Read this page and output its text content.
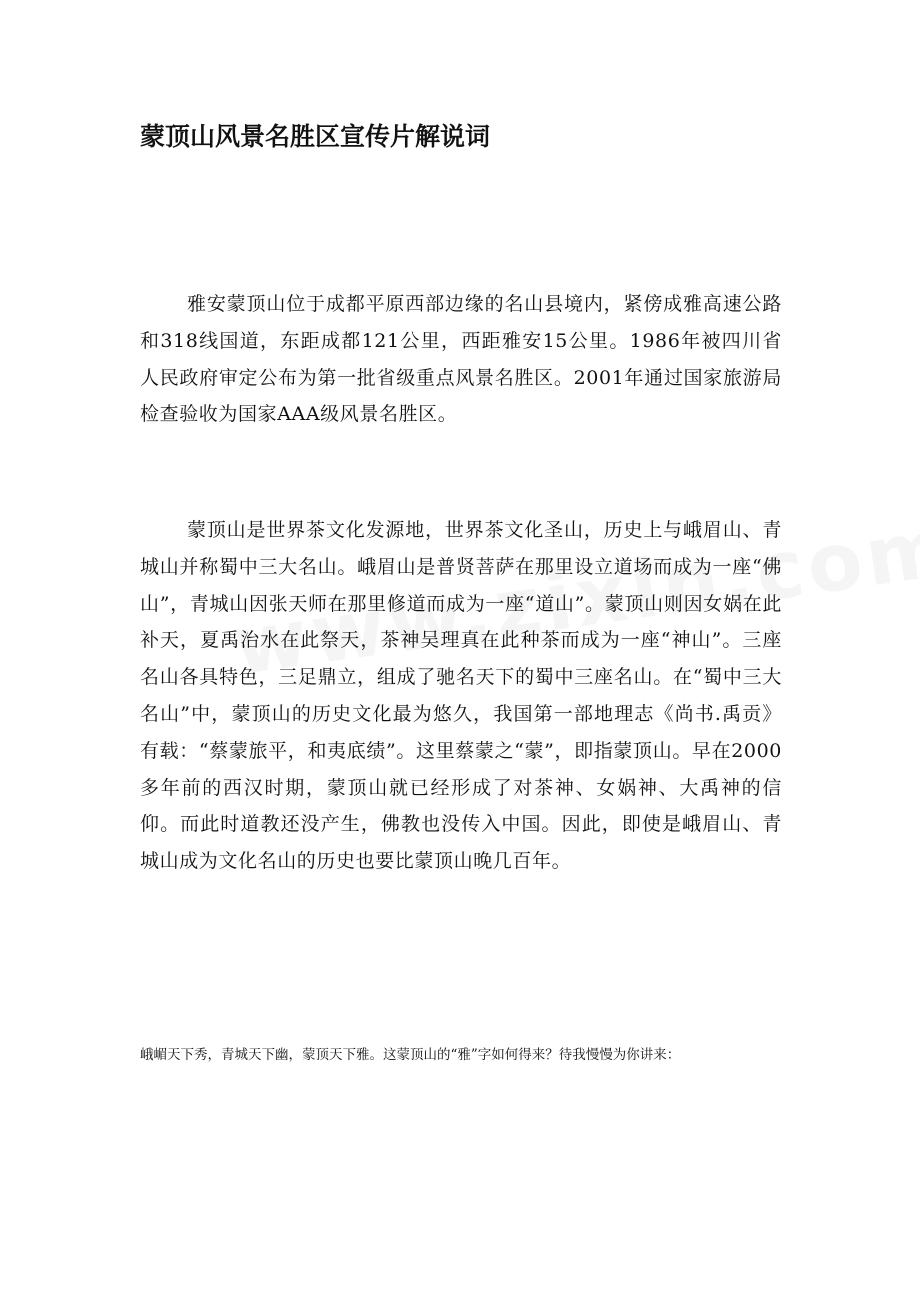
蒙顶山风景名胜区宣传片解说词

雅安蒙顶山位于成都平原西部边缘的名山县境内，紧傍成雅高速公路和318线国道，东距成都121公里，西距雅安15公里。1986年被四川省人民政府审定公布为第一批省级重点风景名胜区。2001年通过国家旅游局检查验收为国家AAA级风景名胜区。

蒙顶山是世界茶文化发源地，世界茶文化圣山，历史上与峨眉山、青城山并称蜀中三大名山。峨眉山是普贤菩萨在那里设立道场而成为一座“佛山”，青城山因张天师在那里修道而成为一座“道山”。蒙顶山则因女娲在此补天，夏禹治水在此祭天，茶神吴理真在此种茶而成为一座“神山”。三座名山各具特色，三足鼎立，组成了驰名天下的蜀中三座名山。在“蜀中三大名山”中，蒙顶山的历史文化最为悠久，我国第一部地理志《尚书.禹贡》有载：“蔡蒙旅平，和夷底绩”。这里蔡蒙之“蒙”，即指蒙顶山。早在2000多年前的西汉时期，蒙顶山就已经形成了对茶神、女娲神、大禹神的信仰。而此时道教还没产生，佛教也没传入中国。因此，即使是峨眉山、青城山成为文化名山的历史也要比蒙顶山晚几百年。

峨嵋天下秀，青城天下幽，蒙顶天下雅。这蒙顶山的“雅”字如何得来？待我慢慢为你讲来：
